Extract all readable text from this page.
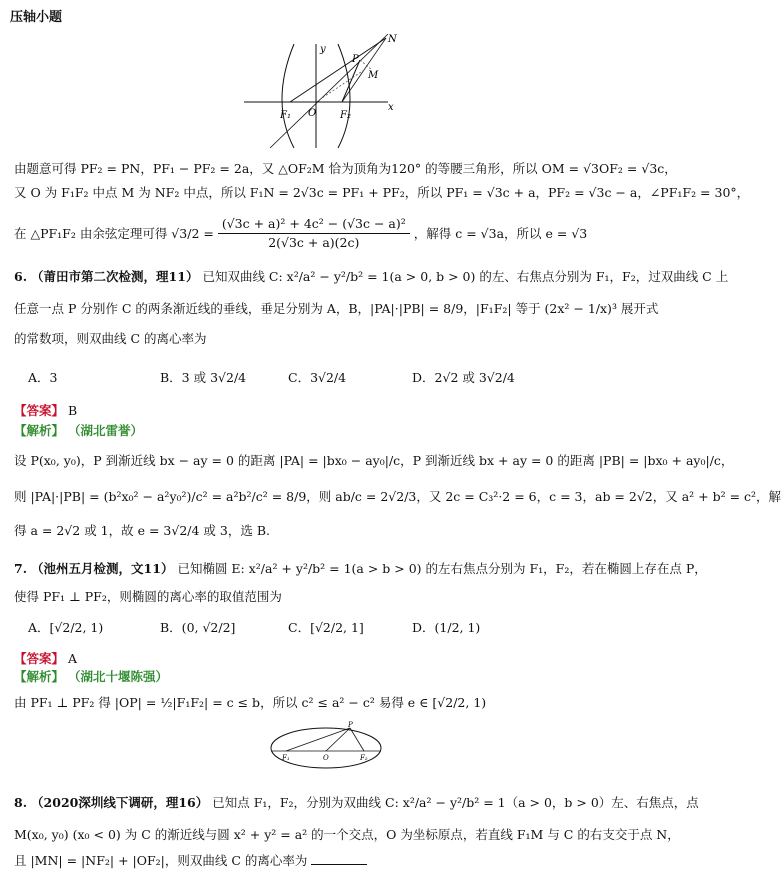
压轴小题
y
x
O
F₁	F₂
P
M
N
由题意可得 PF₂ = PN，PF₁ − PF₂ = 2a，又 △OF₂M 恰为顶角为120° 的等腰三角形，所以 OM = √3OF₂ = √3c，
又 O 为 F₁F₂ 中点 M 为 NF₂ 中点，所以 F₁N = 2√3c = PF₁ + PF₂，所以 PF₁ = √3c + a，PF₂ = √3c − a，∠PF₁F₂ = 30°，
在 △PF₁F₂ 由余弦定理可得 $√3/2 = \frac{\text{(√3c + a)² + 4c² − (√3c − a)²}}{2(√3c + a)(2c)}$ ，解得 c = √3a，所以 e = √3
6. （莆田市第二次检测，理11） 已知双曲线 C: x²/a² − y²/b² = 1(a > 0, b > 0) 的左、右焦点分别为 F₁，F₂，过双曲线 C 上
任意一点 P 分别作 C 的两条渐近线的垂线，垂足分别为 A，B，|PA|·|PB| = 8/9，|F₁F₂| 等于 (2x² − 1/x)³ 展开式
的常数项，则双曲线 C 的离心率为
A．3	B．3 或 3√2/4	C．3√2/4	D．2√2 或 3√2/4
【答案】 B
【解析】 （湖北雷誉）
设 P(x₀, y₀)，P 到渐近线 bx − ay = 0 的距离 |PA| = |bx₀ − ay₀|/c，P 到渐近线 bx + ay = 0 的距离 |PB| = |bx₀ + ay₀|/c，
则 |PA|·|PB| = (b²x₀² − a²y₀²)/c² = a²b²/c² = 8/9，则 ab/c = 2√2/3，又 2c = C₃²·2 = 6，c = 3，ab = 2√2，又 a² + b² = c²，解
得 a = 2√2 或 1，故 e = 3√2/4 或 3，选 B.
7. （池州五月检测，文11） 已知椭圆 E: x²/a² + y²/b² = 1(a > b > 0) 的左右焦点分别为 F₁，F₂，若在椭圆上存在点 P，
使得 PF₁ ⊥ PF₂，则椭圆的离心率的取值范围为
A．[√2/2, 1)	B．(0, √2/2]	C．[√2/2, 1]	D．(1/2, 1)
【答案】 A
【解析】 （湖北十堰陈强）
由 PF₁ ⊥ PF₂ 得 |OP| = ½|F₁F₂| = c ≤ b，所以 c² ≤ a² − c² 易得 e ∈ [√2/2, 1)
P
F₁	O	F₂
8. （2020深圳线下调研，理16） 已知点 F₁，F₂，分别为双曲线 C: x²/a² − y²/b² = 1（a > 0，b > 0）左、右焦点，点
M(x₀, y₀) (x₀ < 0) 为 C 的渐近线与圆 x² + y² = a² 的一个交点，O 为坐标原点，若直线 F₁M 与 C 的右支交于点 N，
且 |MN| = |NF₂| + |OF₂|，则双曲线 C 的离心率为
